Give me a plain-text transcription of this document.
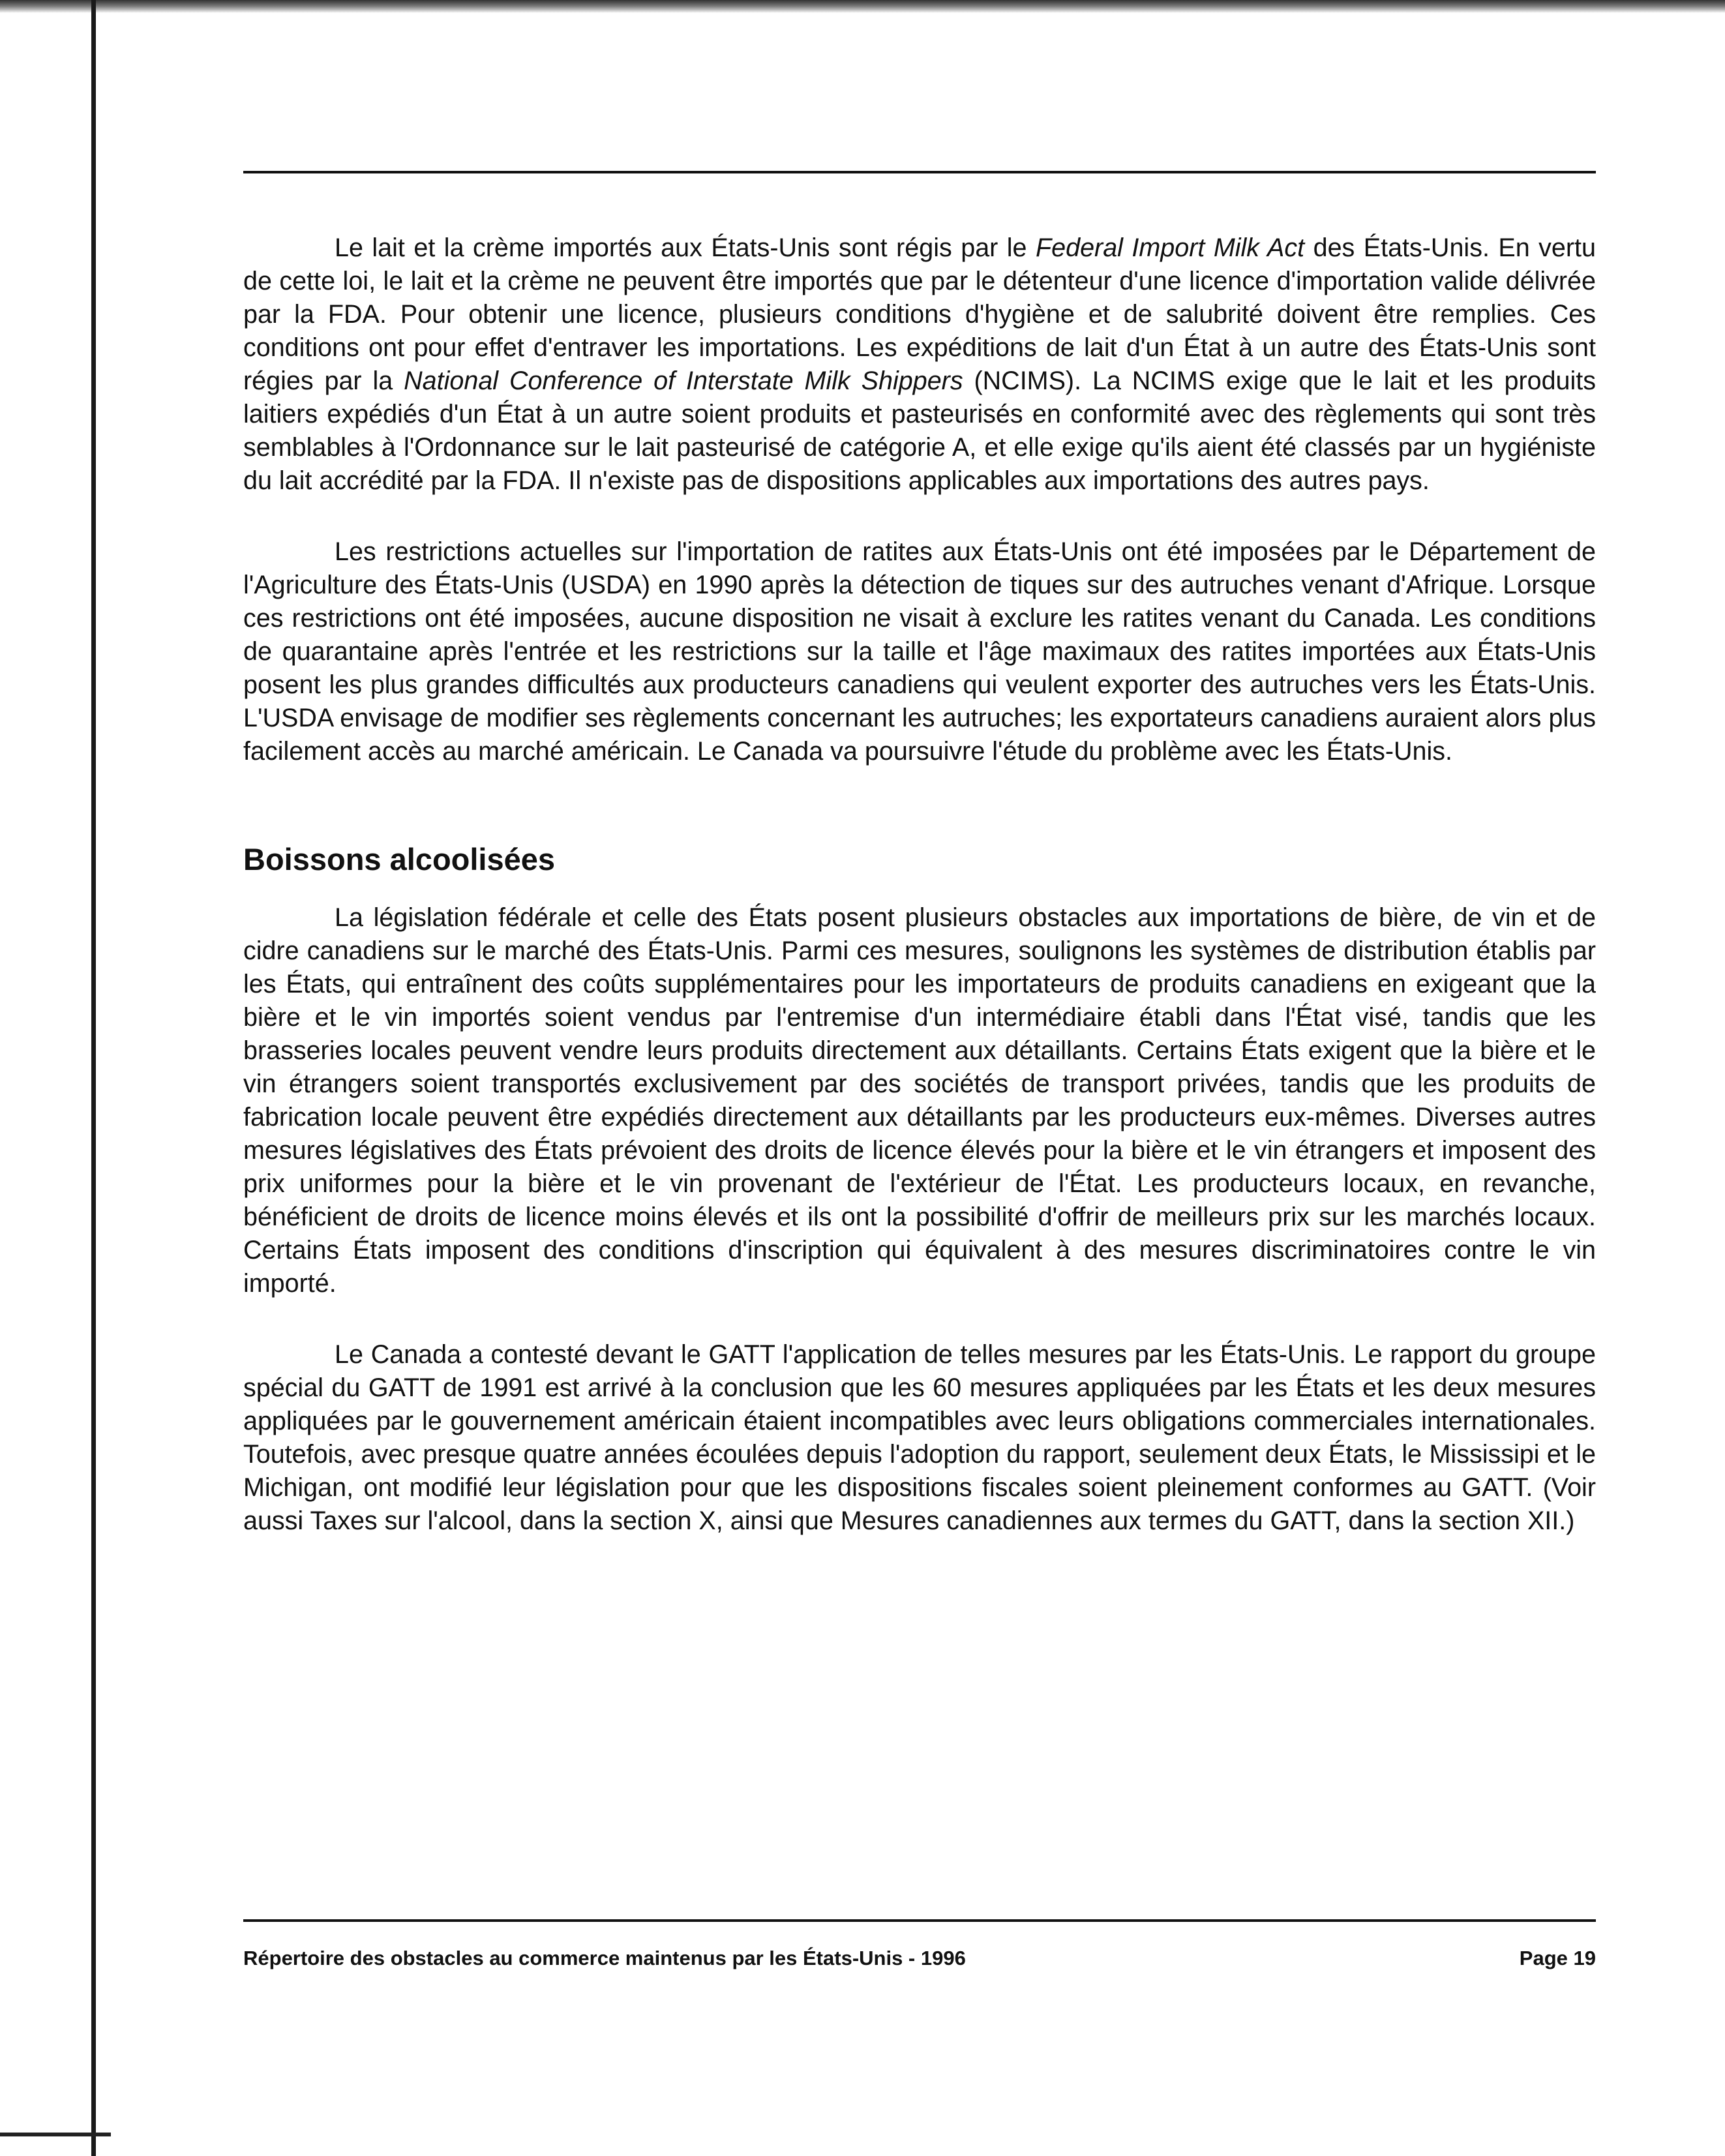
Le lait et la crème importés aux États-Unis sont régis par le Federal Import Milk Act des États-Unis. En vertu de cette loi, le lait et la crème ne peuvent être importés que par le détenteur d'une licence d'importation valide délivrée par la FDA. Pour obtenir une licence, plusieurs conditions d'hygiène et de salubrité doivent être remplies. Ces conditions ont pour effet d'entraver les importations. Les expéditions de lait d'un État à un autre des États-Unis sont régies par la National Conference of Interstate Milk Shippers (NCIMS). La NCIMS exige que le lait et les produits laitiers expédiés d'un État à un autre soient produits et pasteurisés en conformité avec des règlements qui sont très semblables à l'Ordonnance sur le lait pasteurisé de catégorie A, et elle exige qu'ils aient été classés par un hygiéniste du lait accrédité par la FDA. Il n'existe pas de dispositions applicables aux importations des autres pays.

Les restrictions actuelles sur l'importation de ratites aux États-Unis ont été imposées par le Département de l'Agriculture des États-Unis (USDA) en 1990 après la détection de tiques sur des autruches venant d'Afrique. Lorsque ces restrictions ont été imposées, aucune disposition ne visait à exclure les ratites venant du Canada. Les conditions de quarantaine après l'entrée et les restrictions sur la taille et l'âge maximaux des ratites importées aux États-Unis posent les plus grandes difficultés aux producteurs canadiens qui veulent exporter des autruches vers les États-Unis. L'USDA envisage de modifier ses règlements concernant les autruches; les exportateurs canadiens auraient alors plus facilement accès au marché américain. Le Canada va poursuivre l'étude du problème avec les États-Unis.

Boissons alcoolisées

La législation fédérale et celle des États posent plusieurs obstacles aux importations de bière, de vin et de cidre canadiens sur le marché des États-Unis. Parmi ces mesures, soulignons les systèmes de distribution établis par les États, qui entraînent des coûts supplémentaires pour les importateurs de produits canadiens en exigeant que la bière et le vin importés soient vendus par l'entremise d'un intermédiaire établi dans l'État visé, tandis que les brasseries locales peuvent vendre leurs produits directement aux détaillants. Certains États exigent que la bière et le vin étrangers soient transportés exclusivement par des sociétés de transport privées, tandis que les produits de fabrication locale peuvent être expédiés directement aux détaillants par les producteurs eux-mêmes. Diverses autres mesures législatives des États prévoient des droits de licence élevés pour la bière et le vin étrangers et imposent des prix uniformes pour la bière et le vin provenant de l'extérieur de l'État. Les producteurs locaux, en revanche, bénéficient de droits de licence moins élevés et ils ont la possibilité d'offrir de meilleurs prix sur les marchés locaux. Certains États imposent des conditions d'inscription qui équivalent à des mesures discriminatoires contre le vin importé.

Le Canada a contesté devant le GATT l'application de telles mesures par les États-Unis. Le rapport du groupe spécial du GATT de 1991 est arrivé à la conclusion que les 60 mesures appliquées par les États et les deux mesures appliquées par le gouvernement américain étaient incompatibles avec leurs obligations commerciales internationales. Toutefois, avec presque quatre années écoulées depuis l'adoption du rapport, seulement deux États, le Mississipi et le Michigan, ont modifié leur législation pour que les dispositions fiscales soient pleinement conformes au GATT. (Voir aussi Taxes sur l'alcool, dans la section X, ainsi que Mesures canadiennes aux termes du GATT, dans la section XII.)

Répertoire des obstacles au commerce maintenus par les États-Unis - 1996	Page 19
